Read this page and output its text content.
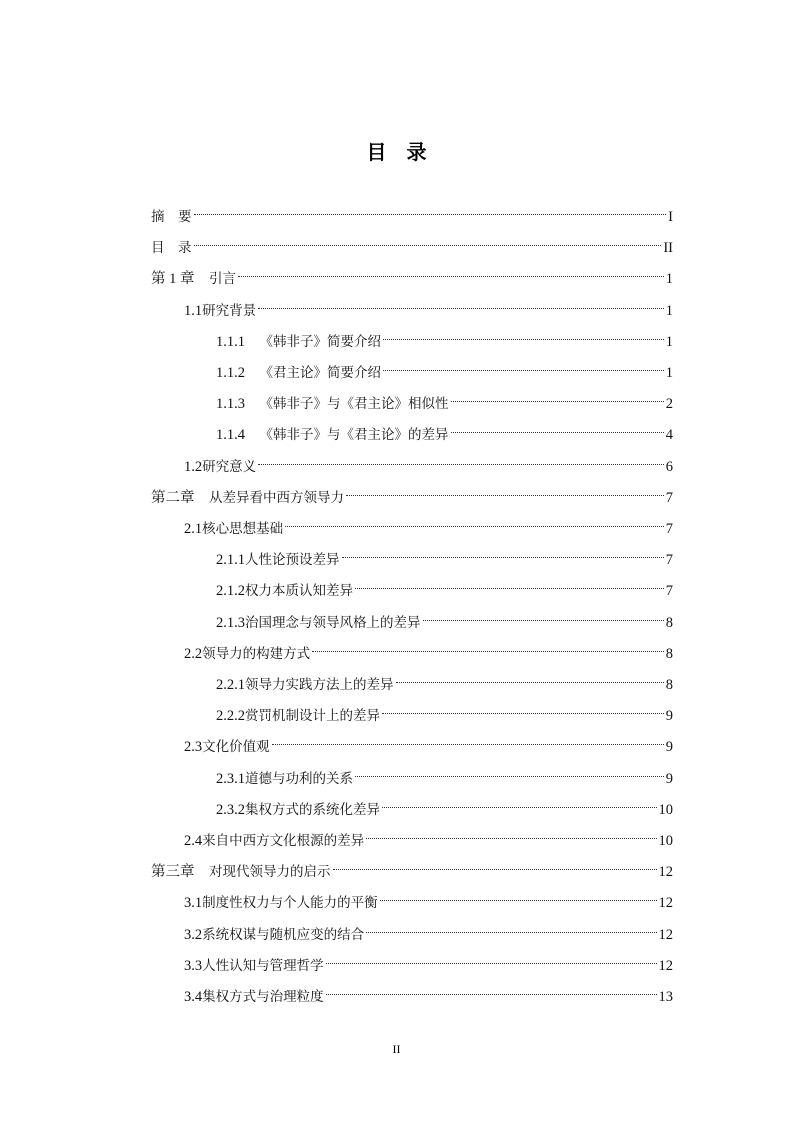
目 录
摘　要	I
目　录	II
第 1 章　 引言	1
1.1 研究背景	1
1.1.1　 《韩非子》简要介绍	1
1.1.2　 《君主论》简要介绍	1
1.1.3　 《韩非子》与《君主论》相似性	2
1.1.4　 《韩非子》与《君主论》的差异	4
1.2 研究意义	6
第二章　 从差异看中西方领导力	7
2.1 核心思想基础	7
2.1.1 人性论预设差异	7
2.1.2 权力本质认知差异	7
2.1.3 治国理念与领导风格上的差异	8
2.2 领导力的构建方式	8
2.2.1 领导力实践方法上的差异	8
2.2.2 赏罚机制设计上的差异	9
2.3 文化价值观	9
2.3.1 道德与功利的关系	9
2.3.2 集权方式的系统化差异	10
2.4 来自中西方文化根源的差异	10
第三章　 对现代领导力的启示	12
3.1 制度性权力与个人能力的平衡	12
3.2 系统权谋与随机应变的结合	12
3.3 人性认知与管理哲学	12
3.4 集权方式与治理粒度	13
II
